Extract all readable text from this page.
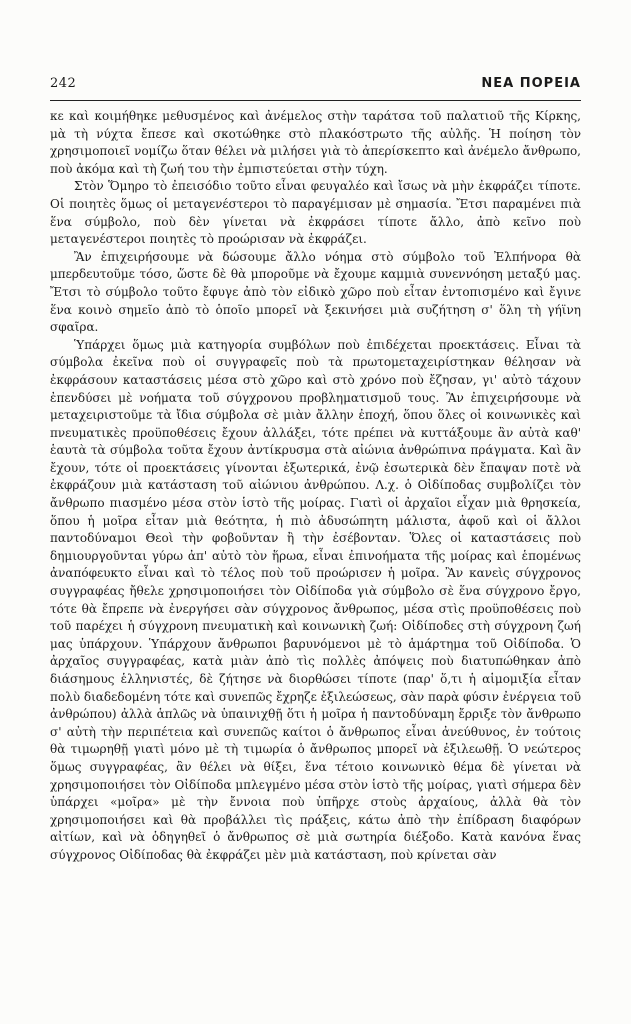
242	ΝΕΑ ΠΟΡΕΙΑ

κε καὶ κοιμήθηκε μεθυσμένος καὶ ἀνέμελος στὴν ταράτσα τοῦ παλατιοῦ τῆς Κίρκης, μὰ τὴ νύχτα ἔπεσε καὶ σκοτώθηκε στὸ πλακόστρωτο τῆς αὐλῆς. Ἡ ποίηση τὸν χρησιμοποιεῖ νομίζω ὅταν θέλει νὰ μιλήσει γιὰ τὸ ἀπερίσκεπτο καὶ ἀνέμελο ἄνθρωπο, ποὺ ἀκόμα καὶ τὴ ζωή του τὴν ἐμπιστεύεται στὴν τύχη.

Στὸν Ὅμηρο τὸ ἐπεισόδιο τοῦτο εἶναι φευγαλέο καὶ ἴσως νὰ μὴν ἐκφράζει τίποτε. Οἱ ποιητὲς ὅμως οἱ μεταγενέστεροι τὸ παραγέμισαν μὲ σημασία. Ἔτσι παραμένει πιὰ ἕνα σύμβολο, ποὺ δὲν γίνεται νὰ ἐκφράσει τίποτε ἄλλο, ἀπὸ κεῖνο ποὺ μεταγενέστεροι ποιητὲς τὸ προώρισαν νὰ ἐκφράζει.

Ἂν ἐπιχειρήσουμε νὰ δώσουμε ἄλλο νόημα στὸ σύμβολο τοῦ Ἐλπήνορα θὰ μπερδευτοῦμε τόσο, ὥστε δὲ θὰ μποροῦμε νὰ ἔχουμε καμμιὰ συνεννόηση μεταξύ μας. Ἔτσι τὸ σύμβολο τοῦτο ἔφυγε ἀπὸ τὸν εἰδικὸ χῶρο ποὺ εἶταν ἐντοπισμένο καὶ ἔγινε ἕνα κοινὸ σημεῖο ἀπὸ τὸ ὁποῖο μπορεῖ νὰ ξεκινήσει μιὰ συζήτηση σ' ὅλη τὴ γήϊνη σφαῖρα.

Ὑπάρχει ὅμως μιὰ κατηγορία συμβόλων ποὺ ἐπιδέχεται προεκτάσεις. Εἶναι τὰ σύμβολα ἐκεῖνα ποὺ οἱ συγγραφεῖς ποὺ τὰ πρωτομεταχειρίστηκαν θέλησαν νὰ ἐκφράσουν καταστάσεις μέσα στὸ χῶρο καὶ στὸ χρόνο ποὺ ἔζησαν, γι' αὐτὸ τάχουν ἐπενδύσει μὲ νοήματα τοῦ σύγχρονου προβληματισμοῦ τους. Ἂν ἐπιχειρήσουμε νὰ μεταχειριστοῦμε τὰ ἴδια σύμβολα σὲ μιὰν ἄλλην ἐποχή, ὅπου ὅλες οἱ κοινωνικὲς καὶ πνευματικὲς προϋποθέσεις ἔχουν ἀλλάξει, τότε πρέπει νὰ κυττάξουμε ἂν αὐτὰ καθ' ἑαυτὰ τὰ σύμβολα τοῦτα ἔχουν ἀντίκρυσμα στὰ αἰώνια ἀνθρώπινα πράγματα. Καὶ ἂν ἔχουν, τότε οἱ προεκτάσεις γίνονται ἐξωτερικά, ἐνῷ ἐσωτερικὰ δὲν ἔπαψαν ποτὲ νὰ ἐκφράζουν μιὰ κατάσταση τοῦ αἰώνιου ἀνθρώπου. Λ.χ. ὁ Οἰδίποδας συμβολίζει τὸν ἄνθρωπο πιασμένο μέσα στὸν ἱστὸ τῆς μοίρας. Γιατὶ οἱ ἀρχαῖοι εἶχαν μιὰ θρησκεία, ὅπου ἡ μοῖρα εἶταν μιὰ θεότητα, ἡ πιὸ ἀδυσώπητη μάλιστα, ἀφοῦ καὶ οἱ ἄλλοι παντοδύναμοι Θεοὶ τὴν φοβοῦνταν ἢ τὴν ἐσέβονταν. Ὅλες οἱ καταστάσεις ποὺ δημιουργοῦνται γύρω ἀπ' αὐτὸ τὸν ἥρωα, εἶναι ἐπινοήματα τῆς μοίρας καὶ ἑπομένως ἀναπόφευκτο εἶναι καὶ τὸ τέλος ποὺ τοῦ προώρισεν ἡ μοῖρα. Ἂν κανεὶς σύγχρονος συγγραφέας ἤθελε χρησιμοποιήσει τὸν Οἰδίποδα γιὰ σύμβολο σὲ ἕνα σύγχρονο ἔργο, τότε θὰ ἔπρεπε νὰ ἐνεργήσει σὰν σύγχρονος ἄνθρωπος, μέσα στὶς προϋποθέσεις ποὺ τοῦ παρέχει ἡ σύγχρονη πνευματικὴ καὶ κοινωνικὴ ζωή: Οἰδίποδες στὴ σύγχρονη ζωή μας ὑπάρχουν. Ὑπάρχουν ἄνθρωποι βαρυνόμενοι μὲ τὸ ἁμάρτημα τοῦ Οἰδίποδα. Ὁ ἀρχαῖος συγγραφέας, κατὰ μιὰν ἀπὸ τὶς πολλὲς ἀπόψεις ποὺ διατυπώθηκαν ἀπὸ διάσημους ἑλληνιστές, δὲ ζήτησε νὰ διορθώσει τίποτε (παρ' ὅ,τι ἡ αἱμομιξία εἶταν πολὺ διαδεδομένη τότε καὶ συνεπῶς ἔχρηζε ἐξιλεώσεως, σὰν παρὰ φύσιν ἐνέργεια τοῦ ἀνθρώπου) ἀλλὰ ἁπλῶς νὰ ὑπαινιχθῇ ὅτι ἡ μοῖρα ἡ παντοδύναμη ἔρριξε τὸν ἄνθρωπο σ' αὐτὴ τὴν περιπέτεια καὶ συνεπῶς καίτοι ὁ ἄνθρωπος εἶναι ἀνεύθυνος, ἐν τούτοις θὰ τιμωρηθῇ γιατὶ μόνο μὲ τὴ τιμωρία ὁ ἄνθρωπος μπορεῖ νὰ ἐξιλεωθῇ. Ὁ νεώτερος ὅμως συγγραφέας, ἂν θέλει νὰ θίξει, ἕνα τέτοιο κοινωνικὸ θέμα δὲ γίνεται νὰ χρησιμοποιήσει τὸν Οἰδίποδα μπλεγμένο μέσα στὸν ἱστὸ τῆς μοίρας, γιατὶ σήμερα δὲν ὑπάρχει «μοῖρα» μὲ τὴν ἔννοια ποὺ ὑπῆρχε στοὺς ἀρχαίους, ἀλλὰ θὰ τὸν χρησιμοποιήσει καὶ θὰ προβάλλει τὶς πράξεις, κάτω ἀπὸ τὴν ἐπίδραση διαφόρων αἰτίων, καὶ νὰ ὁδηγηθεῖ ὁ ἄνθρωπος σὲ μιὰ σωτηρία διέξοδο. Κατὰ κανόνα ἕνας σύγχρονος Οἰδίποδας θὰ ἐκφράζει μὲν μιὰ κατάσταση, ποὺ κρίνεται σὰν
